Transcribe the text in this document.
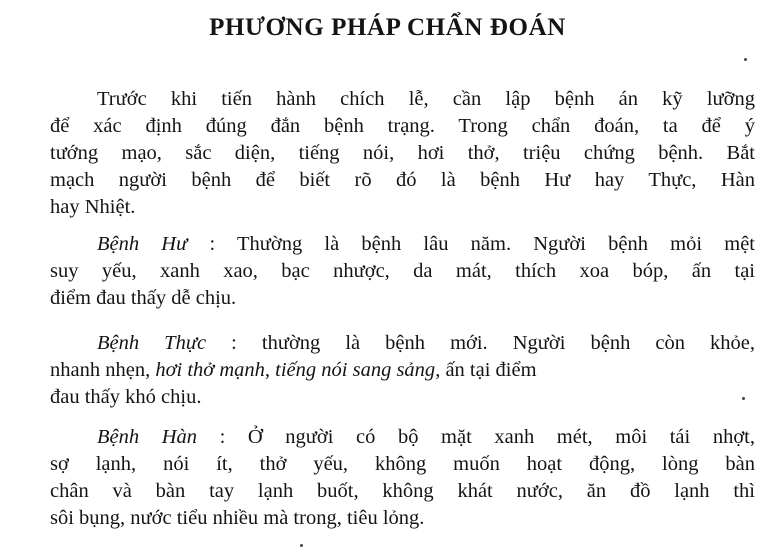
PHƯƠNG PHÁP CHẨN ĐOÁN
Trước khi tiến hành chích lễ, cần lập bệnh án kỹ lưỡng
để xác định đúng đắn bệnh trạng. Trong chẩn đoán, ta để ý
tướng mạo, sắc diện, tiếng nói, hơi thở, triệu chứng bệnh. Bắt
mạch người bệnh để biết rõ đó là bệnh Hư hay Thực, Hàn
hay Nhiệt.
Bệnh Hư : Thường là bệnh lâu năm. Người bệnh mỏi mệt
suy yếu, xanh xao, bạc nhược, da mát, thích xoa bóp, ấn tại
điểm đau thấy dễ chịu.
Bệnh Thực : thường là bệnh mới. Người bệnh còn khỏe,
nhanh nhẹn, hơi thở mạnh, tiếng nói sang sảng, ấn tại điểm
đau thấy khó chịu.
Bệnh Hàn : Ở người có bộ mặt xanh mét, môi tái nhợt,
sợ lạnh, nói ít, thở yếu, không muốn hoạt động, lòng bàn
chân và bàn tay lạnh buốt, không khát nước, ăn đồ lạnh thì
sôi bụng, nước tiểu nhiều mà trong, tiêu lỏng.
